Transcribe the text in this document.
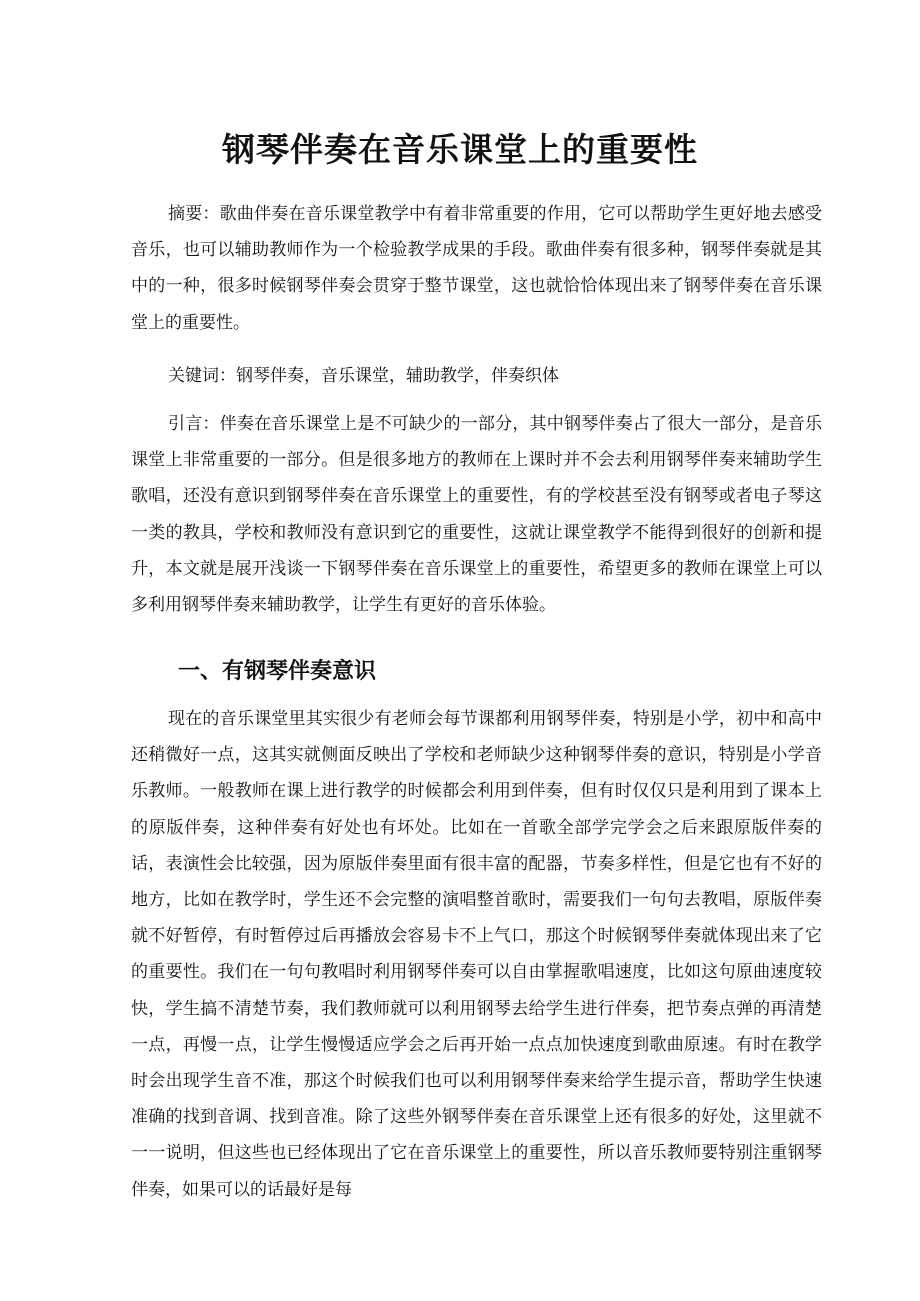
钢琴伴奏在音乐课堂上的重要性

摘要：歌曲伴奏在音乐课堂教学中有着非常重要的作用，它可以帮助学生更好地去感受音乐，也可以辅助教师作为一个检验教学成果的手段。歌曲伴奏有很多种，钢琴伴奏就是其中的一种，很多时候钢琴伴奏会贯穿于整节课堂，这也就恰恰体现出来了钢琴伴奏在音乐课堂上的重要性。

关键词：钢琴伴奏，音乐课堂，辅助教学，伴奏织体

引言：伴奏在音乐课堂上是不可缺少的一部分，其中钢琴伴奏占了很大一部分，是音乐课堂上非常重要的一部分。但是很多地方的教师在上课时并不会去利用钢琴伴奏来辅助学生歌唱，还没有意识到钢琴伴奏在音乐课堂上的重要性，有的学校甚至没有钢琴或者电子琴这一类的教具，学校和教师没有意识到它的重要性，这就让课堂教学不能得到很好的创新和提升，本文就是展开浅谈一下钢琴伴奏在音乐课堂上的重要性，希望更多的教师在课堂上可以多利用钢琴伴奏来辅助教学，让学生有更好的音乐体验。

一、有钢琴伴奏意识

现在的音乐课堂里其实很少有老师会每节课都利用钢琴伴奏，特别是小学，初中和高中还稍微好一点，这其实就侧面反映出了学校和老师缺少这种钢琴伴奏的意识，特别是小学音乐教师。一般教师在课上进行教学的时候都会利用到伴奏，但有时仅仅只是利用到了课本上的原版伴奏，这种伴奏有好处也有坏处。比如在一首歌全部学完学会之后来跟原版伴奏的话，表演性会比较强，因为原版伴奏里面有很丰富的配器，节奏多样性，但是它也有不好的地方，比如在教学时，学生还不会完整的演唱整首歌时，需要我们一句句去教唱，原版伴奏就不好暂停，有时暂停过后再播放会容易卡不上气口，那这个时候钢琴伴奏就体现出来了它的重要性。我们在一句句教唱时利用钢琴伴奏可以自由掌握歌唱速度，比如这句原曲速度较快，学生搞不清楚节奏，我们教师就可以利用钢琴去给学生进行伴奏，把节奏点弹的再清楚一点，再慢一点，让学生慢慢适应学会之后再开始一点点加快速度到歌曲原速。有时在教学时会出现学生音不准，那这个时候我们也可以利用钢琴伴奏来给学生提示音，帮助学生快速准确的找到音调、找到音准。除了这些外钢琴伴奏在音乐课堂上还有很多的好处，这里就不一一说明，但这些也已经体现出了它在音乐课堂上的重要性，所以音乐教师要特别注重钢琴伴奏，如果可以的话最好是每
